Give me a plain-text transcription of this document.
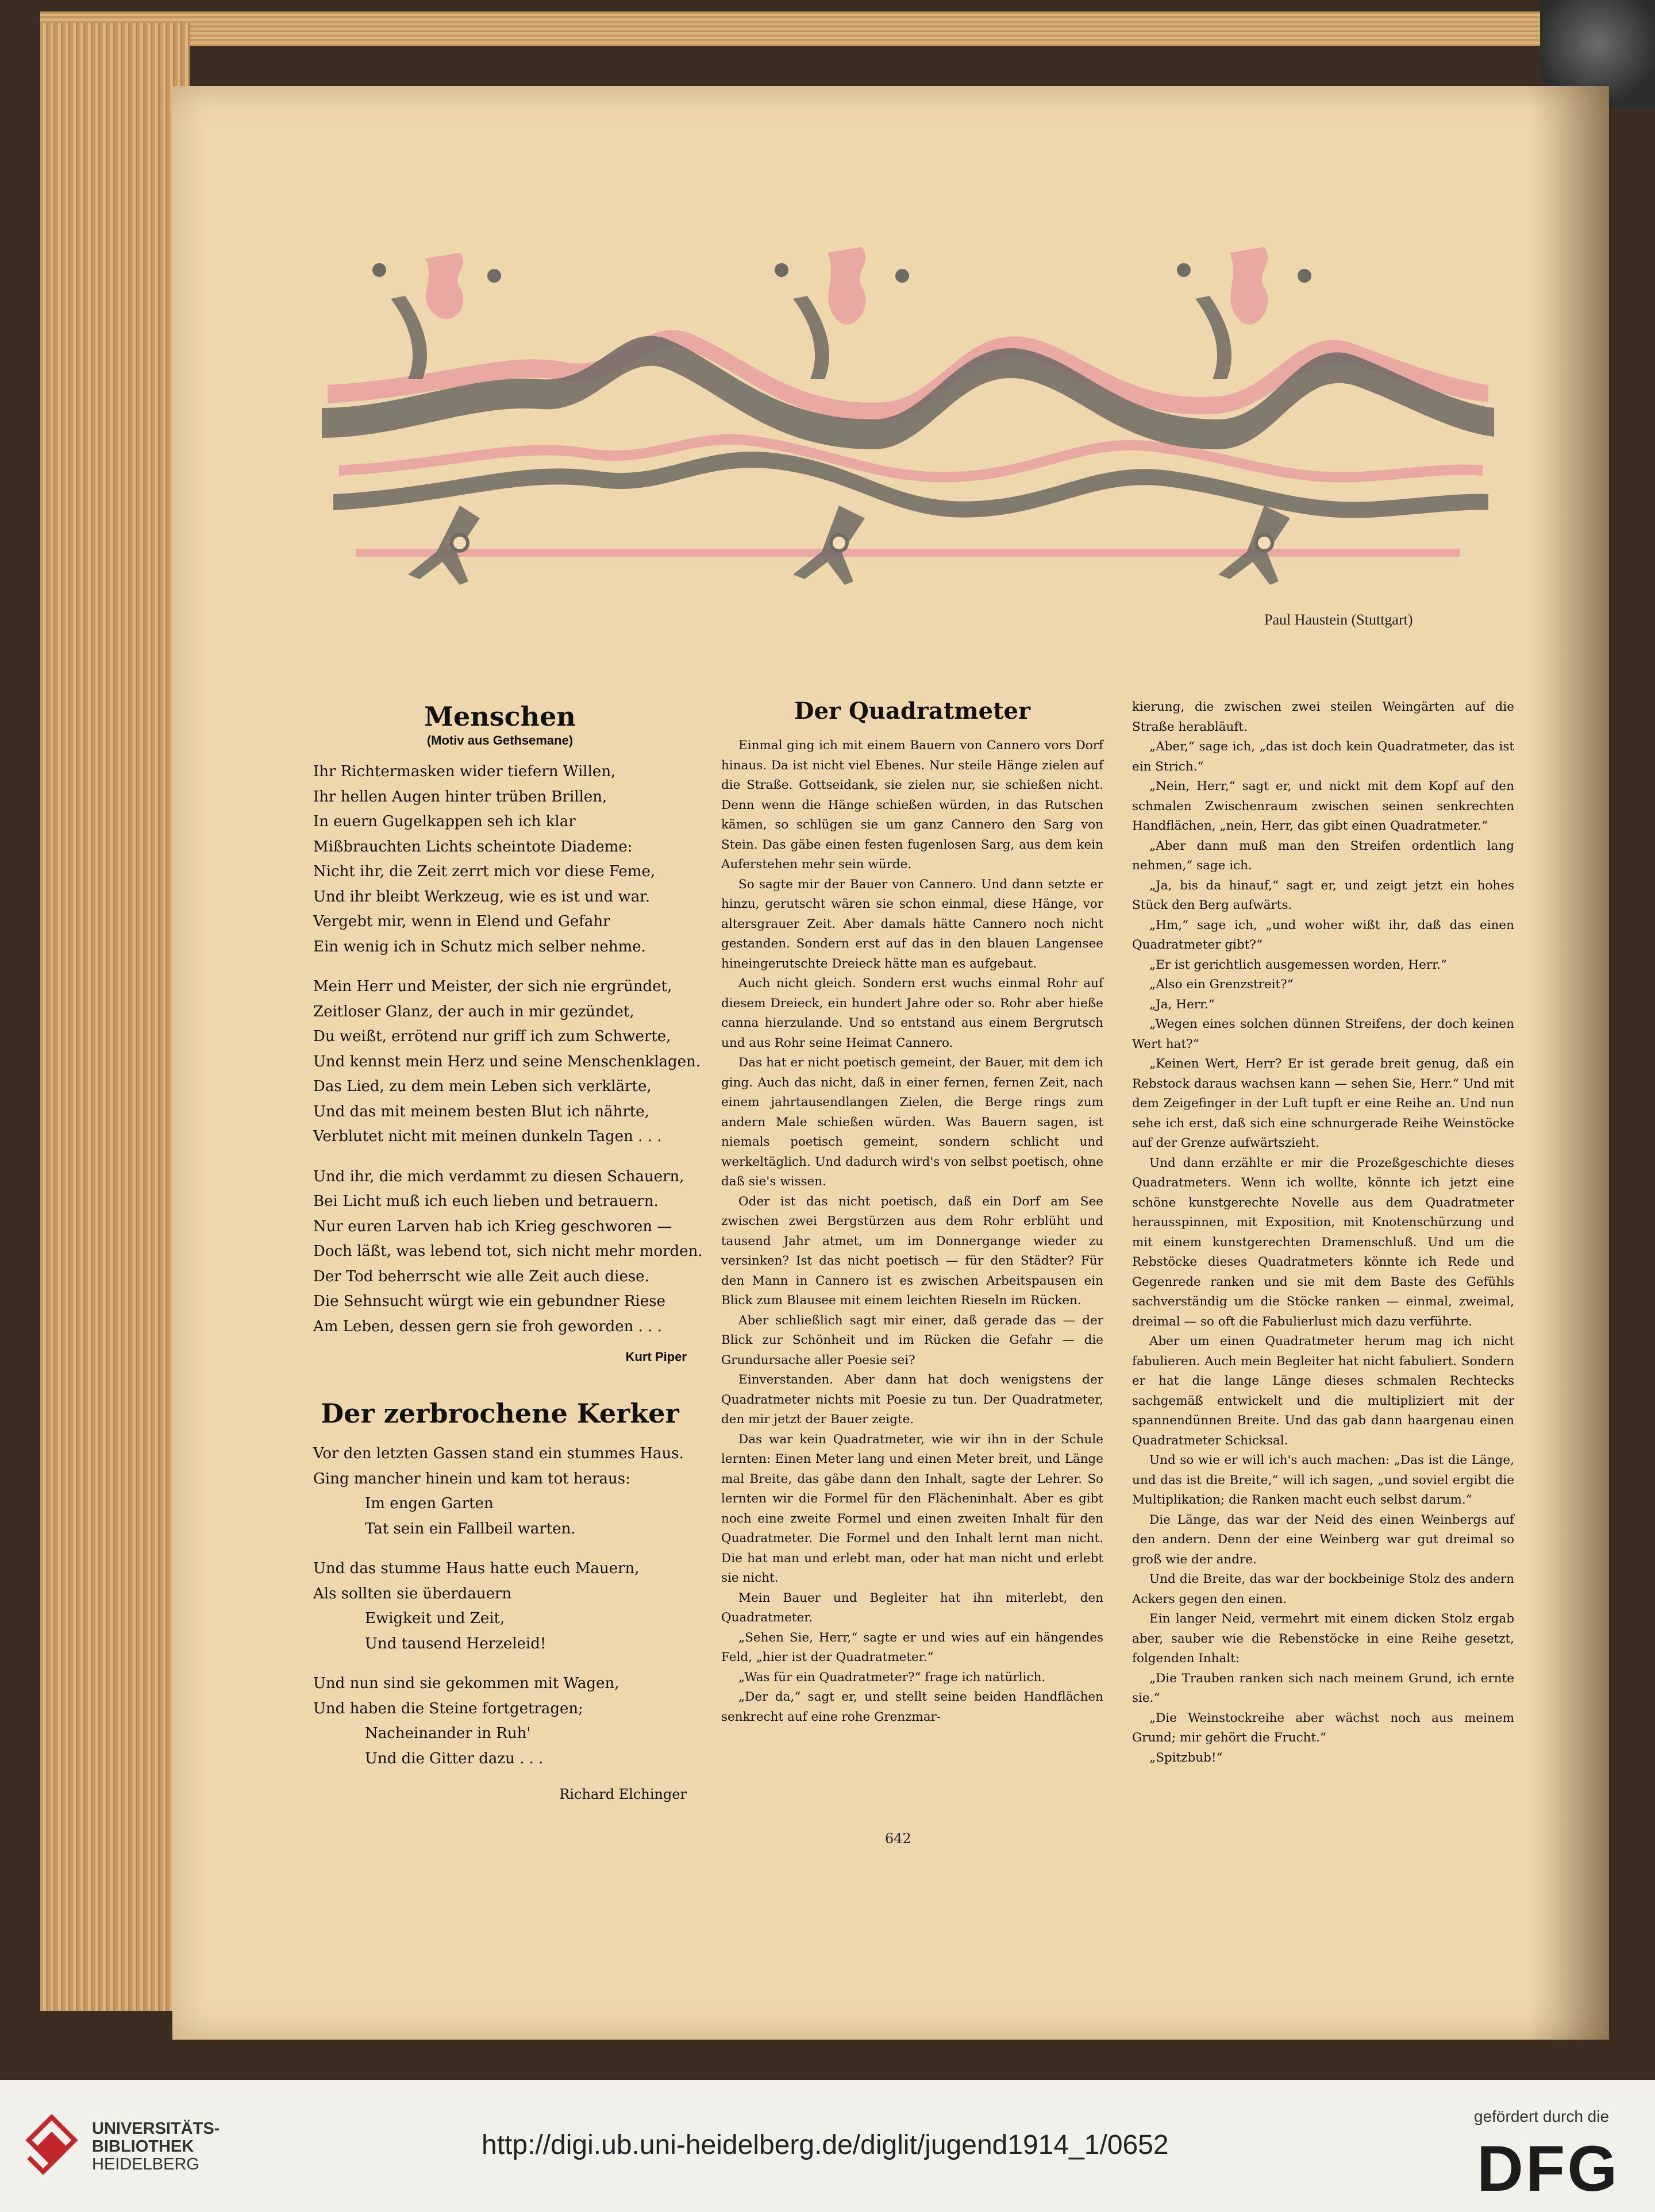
Paul Haustein (Stuttgart)
Menschen
(Motiv aus Gethsemane)

Ihr Richtermasken wider tiefern Willen,

Ihr hellen Augen hinter trüben Brillen,

In euern Gugelkappen seh ich klar

Mißbrauchten Lichts scheintote Diademe:

Nicht ihr, die Zeit zerrt mich vor diese Feme,

Und ihr bleibt Werkzeug, wie es ist und war.

Vergebt mir, wenn in Elend und Gefahr

Ein wenig ich in Schutz mich selber nehme.

Mein Herr und Meister, der sich nie ergründet,

Zeitloser Glanz, der auch in mir gezündet,

Du weißt, errötend nur griff ich zum Schwerte,

Und kennst mein Herz und seine Menschenklagen.

Das Lied, zu dem mein Leben sich verklärte,

Und das mit meinem besten Blut ich nährte,

Verblutet nicht mit meinen dunkeln Tagen . . .

Und ihr, die mich verdammt zu diesen Schauern,

Bei Licht muß ich euch lieben und betrauern.

Nur euren Larven hab ich Krieg geschworen —

Doch läßt, was lebend tot, sich nicht mehr morden.

Der Tod beherrscht wie alle Zeit auch diese.

Die Sehnsucht würgt wie ein gebundner Riese

Am Leben, dessen gern sie froh geworden . . .

Kurt Piper
Der zerbrochene Kerker

Vor den letzten Gassen stand ein stummes Haus.

Ging mancher hinein und kam tot heraus:

Im engen Garten

Tat sein ein Fallbeil warten.

Und das stumme Haus hatte euch Mauern,

Als sollten sie überdauern

Ewigkeit und Zeit,

Und tausend Herzeleid!

Und nun sind sie gekommen mit Wagen,

Und haben die Steine fortgetragen;

Nacheinander in Ruh'

Und die Gitter dazu . . .

Richard Elchinger
Der Quadratmeter

Einmal ging ich mit einem Bauern von Cannero vors Dorf hinaus. Da ist nicht viel Ebenes. Nur steile Hänge zielen auf die Straße. Gottseidank, sie zielen nur, sie schießen nicht. Denn wenn die Hänge schießen würden, in das Rutschen kämen, so schlügen sie um ganz Cannero den Sarg von Stein. Das gäbe einen festen fugenlosen Sarg, aus dem kein Auferstehen mehr sein würde.

So sagte mir der Bauer von Cannero. Und dann setzte er hinzu, gerutscht wären sie schon einmal, diese Hänge, vor altersgrauer Zeit. Aber damals hätte Cannero noch nicht gestanden. Sondern erst auf das in den blauen Langensee hineingerutschte Dreieck hätte man es aufgebaut.

Auch nicht gleich. Sondern erst wuchs einmal Rohr auf diesem Dreieck, ein hundert Jahre oder so. Rohr aber hieße canna hierzulande. Und so entstand aus einem Bergrutsch und aus Rohr seine Heimat Cannero.

Das hat er nicht poetisch gemeint, der Bauer, mit dem ich ging. Auch das nicht, daß in einer fernen, fernen Zeit, nach einem jahrtausendlangen Zielen, die Berge rings zum andern Male schießen würden. Was Bauern sagen, ist niemals poetisch gemeint, sondern schlicht und werkeltäglich. Und dadurch wird's von selbst poetisch, ohne daß sie's wissen.

Oder ist das nicht poetisch, daß ein Dorf am See zwischen zwei Bergstürzen aus dem Rohr erblüht und tausend Jahr atmet, um im Donnergange wieder zu versinken? Ist das nicht poetisch — für den Städter? Für den Mann in Cannero ist es zwischen Arbeitspausen ein Blick zum Blausee mit einem leichten Rieseln im Rücken.

Aber schließlich sagt mir einer, daß gerade das — der Blick zur Schönheit und im Rücken die Gefahr — die Grundursache aller Poesie sei?

Einverstanden. Aber dann hat doch wenigstens der Quadratmeter nichts mit Poesie zu tun. Der Quadratmeter, den mir jetzt der Bauer zeigte.

Das war kein Quadratmeter, wie wir ihn in der Schule lernten: Einen Meter lang und einen Meter breit, und Länge mal Breite, das gäbe dann den Inhalt, sagte der Lehrer. So lernten wir die Formel für den Flächeninhalt. Aber es gibt noch eine zweite Formel und einen zweiten Inhalt für den Quadratmeter. Die Formel und den Inhalt lernt man nicht. Die hat man und erlebt man, oder hat man nicht und erlebt sie nicht.

Mein Bauer und Begleiter hat ihn miterlebt, den Quadratmeter.

„Sehen Sie, Herr,“ sagte er und wies auf ein hängendes Feld, „hier ist der Quadratmeter.“

„Was für ein Quadratmeter?“ frage ich natürlich.

„Der da,“ sagt er, und stellt seine beiden Handflächen senkrecht auf eine rohe Grenzmar-

kierung, die zwischen zwei steilen Weingärten auf die Straße herabläuft.

„Aber,“ sage ich, „das ist doch kein Quadratmeter, das ist ein Strich.“

„Nein, Herr,“ sagt er, und nickt mit dem Kopf auf den schmalen Zwischenraum zwischen seinen senkrechten Handflächen, „nein, Herr, das gibt einen Quadratmeter.“

„Aber dann muß man den Streifen ordentlich lang nehmen,“ sage ich.

„Ja, bis da hinauf,“ sagt er, und zeigt jetzt ein hohes Stück den Berg aufwärts.

„Hm,“ sage ich, „und woher wißt ihr, daß das einen Quadratmeter gibt?“

„Er ist gerichtlich ausgemessen worden, Herr.“

„Also ein Grenzstreit?“

„Ja, Herr.“

„Wegen eines solchen dünnen Streifens, der doch keinen Wert hat?“

„Keinen Wert, Herr? Er ist gerade breit genug, daß ein Rebstock daraus wachsen kann — sehen Sie, Herr.“ Und mit dem Zeigefinger in der Luft tupft er eine Reihe an. Und nun sehe ich erst, daß sich eine schnurgerade Reihe Weinstöcke auf der Grenze aufwärtszieht.

Und dann erzählte er mir die Prozeßgeschichte dieses Quadratmeters. Wenn ich wollte, könnte ich jetzt eine schöne kunstgerechte Novelle aus dem Quadratmeter herausspinnen, mit Exposition, mit Knotenschürzung und mit einem kunstgerechten Dramenschluß. Und um die Rebstöcke dieses Quadratmeters könnte ich Rede und Gegenrede ranken und sie mit dem Baste des Gefühls sachverständig um die Stöcke ranken — einmal, zweimal, dreimal — so oft die Fabulierlust mich dazu verführte.

Aber um einen Quadratmeter herum mag ich nicht fabulieren. Auch mein Begleiter hat nicht fabuliert. Sondern er hat die lange Länge dieses schmalen Rechtecks sachgemäß entwickelt und die multipliziert mit der spannendünnen Breite. Und das gab dann haargenau einen Quadratmeter Schicksal.

Und so wie er will ich's auch machen: „Das ist die Länge, und das ist die Breite,“ will ich sagen, „und soviel ergibt die Multiplikation; die Ranken macht euch selbst darum.“

Die Länge, das war der Neid des einen Weinbergs auf den andern. Denn der eine Weinberg war gut dreimal so groß wie der andre.

Und die Breite, das war der bockbeinige Stolz des andern Ackers gegen den einen.

Ein langer Neid, vermehrt mit einem dicken Stolz ergab aber, sauber wie die Rebenstöcke in eine Reihe gesetzt, folgenden Inhalt:

„Die Trauben ranken sich nach meinem Grund, ich ernte sie.“

„Die Weinstockreihe aber wächst noch aus meinem Grund; mir gehört die Frucht.“

„Spitzbub!“

642
UNIVERSITÄTS-
BIBLIOTHEK
HEIDELBERG
http://digi.ub.uni-heidelberg.de/diglit/jugend1914_1/0652
gefördert durch die
DFG
